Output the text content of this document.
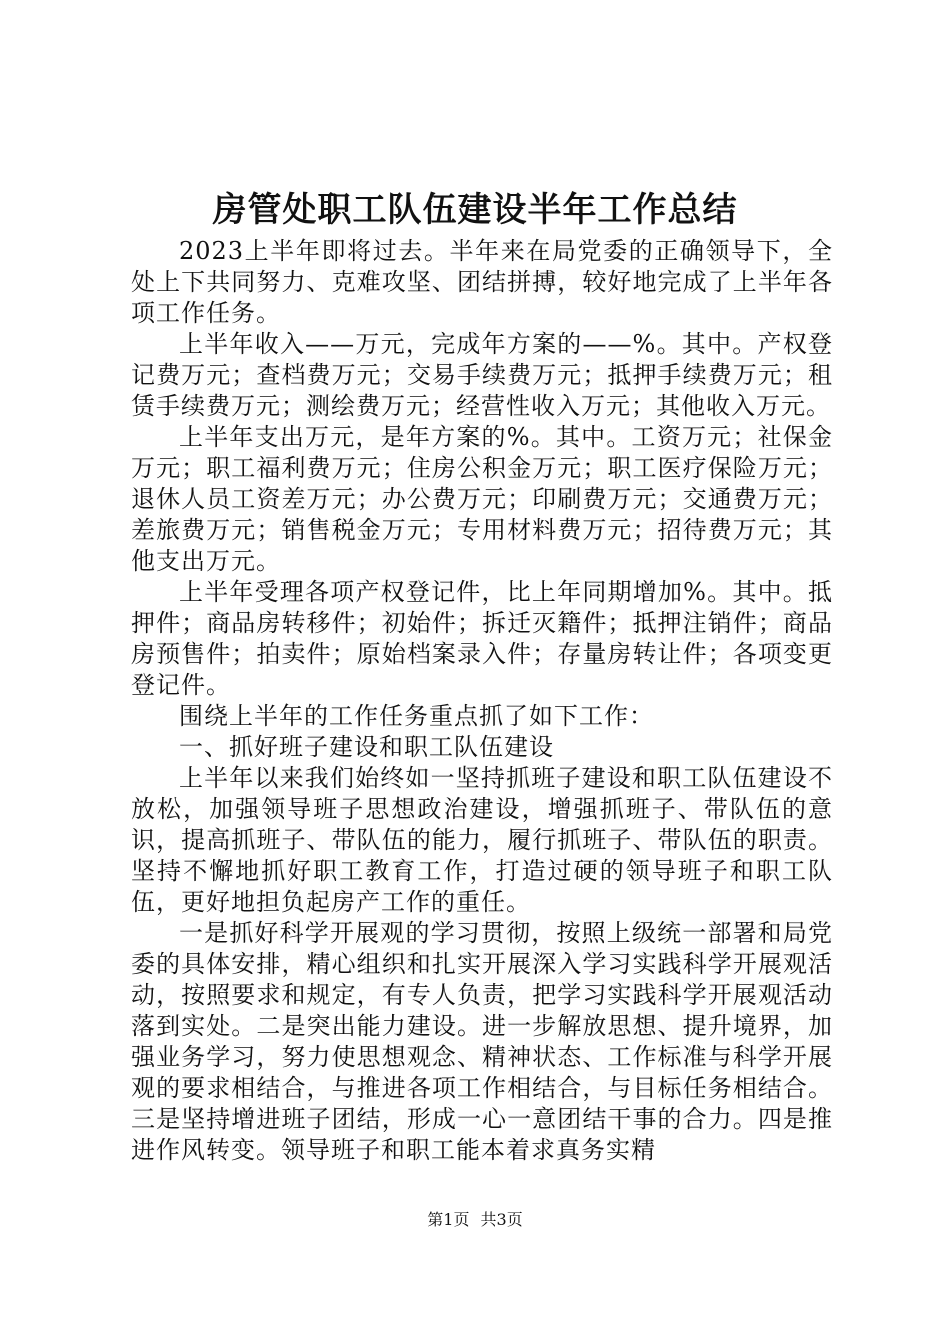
房管处职工队伍建设半年工作总结

2023上半年即将过去。半年来在局党委的正确领导下，全处上下共同努力、克难攻坚、团结拼搏，较好地完成了上半年各项工作任务。

上半年收入——万元，完成年方案的——%。其中。产权登记费万元；查档费万元；交易手续费万元；抵押手续费万元；租赁手续费万元；测绘费万元；经营性收入万元；其他收入万元。

上半年支出万元，是年方案的%。其中。工资万元；社保金万元；职工福利费万元；住房公积金万元；职工医疗保险万元；退休人员工资差万元；办公费万元；印刷费万元；交通费万元；差旅费万元；销售税金万元；专用材料费万元；招待费万元；其他支出万元。

上半年受理各项产权登记件，比上年同期增加%。其中。抵押件；商品房转移件；初始件；拆迁灭籍件；抵押注销件；商品房预售件；拍卖件；原始档案录入件；存量房转让件；各项变更登记件。

围绕上半年的工作任务重点抓了如下工作：

一、抓好班子建设和职工队伍建设

上半年以来我们始终如一坚持抓班子建设和职工队伍建设不放松，加强领导班子思想政治建设，增强抓班子、带队伍的意识，提高抓班子、带队伍的能力，履行抓班子、带队伍的职责。坚持不懈地抓好职工教育工作，打造过硬的领导班子和职工队伍，更好地担负起房产工作的重任。

一是抓好科学开展观的学习贯彻，按照上级统一部署和局党委的具体安排，精心组织和扎实开展深入学习实践科学开展观活动，按照要求和规定，有专人负责，把学习实践科学开展观活动落到实处。二是突出能力建设。进一步解放思想、提升境界，加强业务学习，努力使思想观念、精神状态、工作标准与科学开展观的要求相结合，与推进各项工作相结合，与目标任务相结合。三是坚持增进班子团结，形成一心一意团结干事的合力。四是推进作风转变。领导班子和职工能本着求真务实精

第1页 共3页
